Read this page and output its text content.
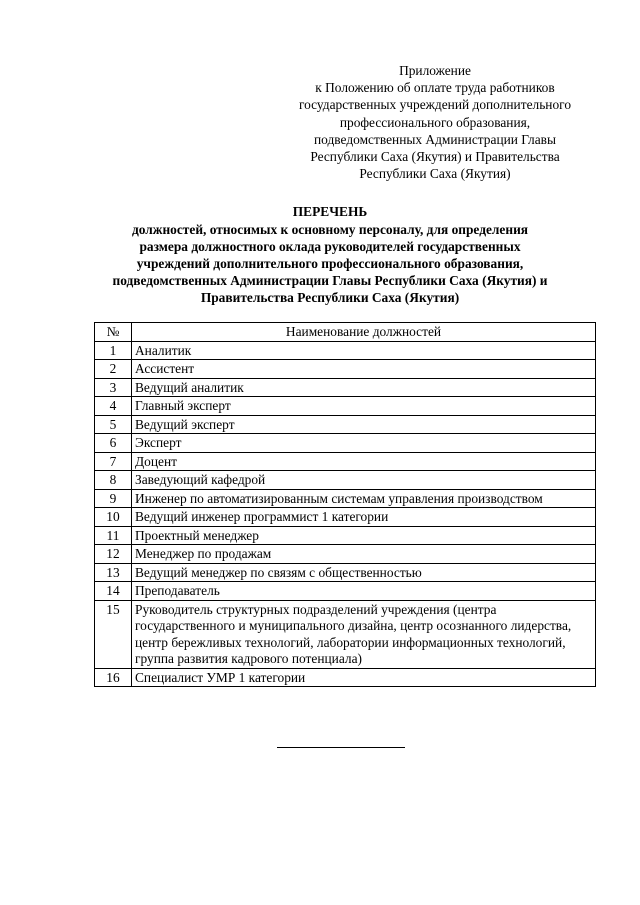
Приложение
к Положению об оплате труда работников
государственных учреждений дополнительного
профессионального образования,
подведомственных Администрации Главы
Республики Саха (Якутия) и Правительства
Республики Саха (Якутия)
ПЕРЕЧЕНЬ
должностей, относимых к основному персоналу, для определения
размера должностного оклада руководителей государственных
учреждений дополнительного профессионального образования,
подведомственных Администрации Главы Республики Саха (Якутия) и
Правительства Республики Саха (Якутия)
№	Наименование должностей
1	Аналитик
2	Ассистент
3	Ведущий аналитик
4	Главный эксперт
5	Ведущий эксперт
6	Эксперт
7	Доцент
8	Заведующий кафедрой
9	Инженер по автоматизированным системам управления производством
10	Ведущий инженер программист 1 категории
11	Проектный менеджер
12	Менеджер по продажам
13	Ведущий менеджер по связям с общественностью
14	Преподаватель
15	Руководитель структурных подразделений учреждения (центра государственного и муниципального дизайна, центр осознанного лидерства, центр бережливых технологий, лаборатории информационных технологий, группа развития кадрового потенциала)
16	Специалист УМР 1 категории
